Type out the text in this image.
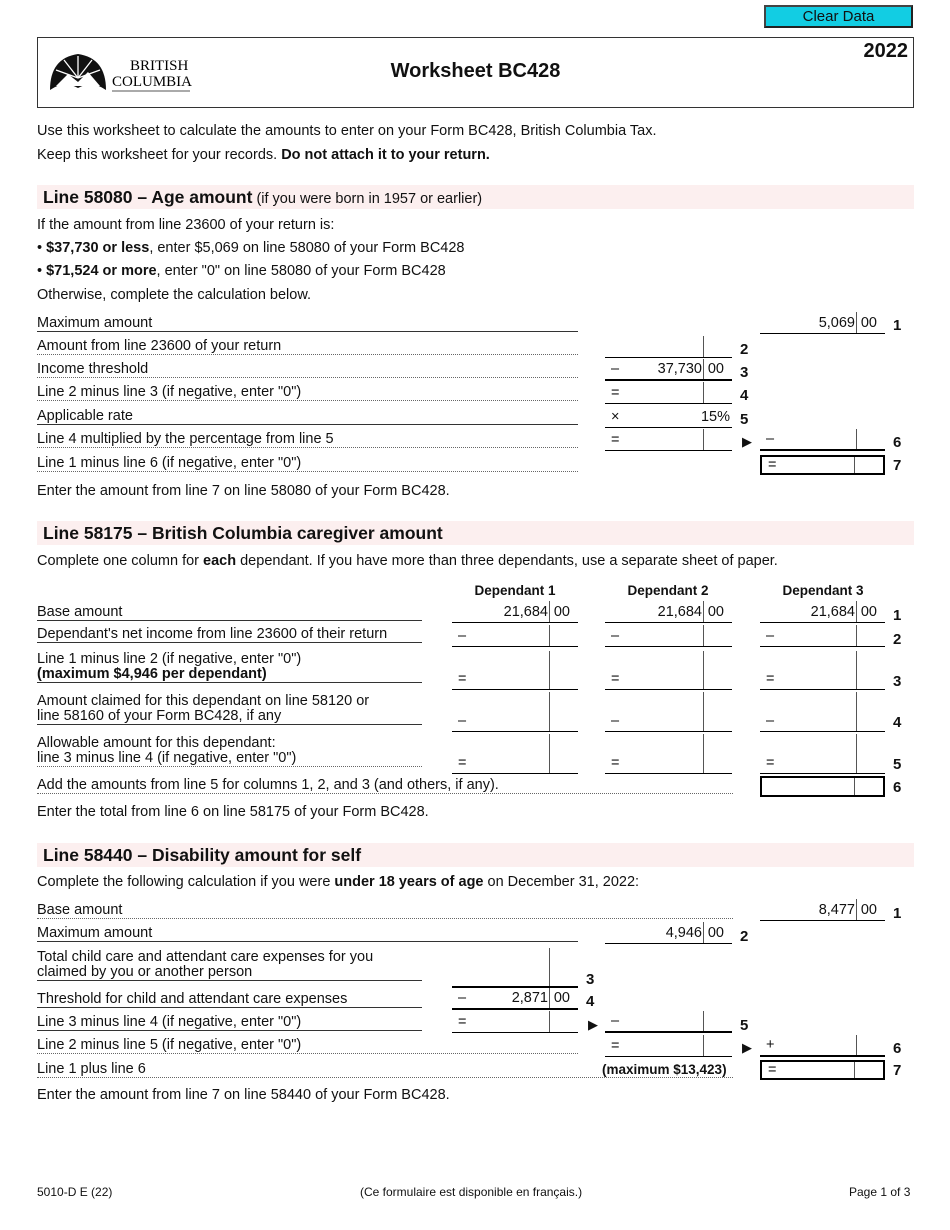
Clear Data
BRITISH
COLUMBIA	Worksheet BC428
2022
Use this worksheet to calculate the amounts to enter on your Form BC428, British Columbia Tax.
Keep this worksheet for your records. Do not attach it to your return.
Line 58080 – Age amount (if you were born in 1957 or earlier)
If the amount from line 23600 of your return is:
• $37,730 or less, enter $5,069 on line 58080 of your Form BC428
• $71,524 or more, enter "0" on line 58080 of your Form BC428
Otherwise, complete the calculation below.
Maximum amount	5,069 00 1
Amount from line 23600 of your return	2
Income threshold	–	37,730 00 3
Line 2 minus line 3 (if negative, enter "0")	=	4
Applicable rate	×	15% 5
Line 4 multiplied by the percentage from line 5	=	▶ –	6
Line 1 minus line 6 (if negative, enter "0")	=	7
Enter the amount from line 7 on line 58080 of your Form BC428.
Line 58175 – British Columbia caregiver amount
Complete one column for each dependant. If you have more than three dependants, use a separate sheet of paper.
Dependant 1	Dependant 2	Dependant 3
Base amount	21,684 00	21,684 00	21,684 00 1
Dependant's net income from line 23600 of their return	–	–	–	2
Line 1 minus line 2 (if negative, enter "0")
(maximum $4,946 per dependant)	=	=	=	3
Amount claimed for this dependant on line 58120 or
line 58160 of your Form BC428, if any	–	–	–	4
Allowable amount for this dependant:
line 3 minus line 4 (if negative, enter "0")	=	=	=	5
Add the amounts from line 5 for columns 1, 2, and 3 (and others, if any).	6
Enter the total from line 6 on line 58175 of your Form BC428.
Line 58440 – Disability amount for self
Complete the following calculation if you were under 18 years of age on December 31, 2022:
Base amount	8,477 00 1
Maximum amount	4,946 00 2
Total child care and attendant care expenses for you
claimed by you or another person	3
Threshold for child and attendant care expenses	–	2,871 00 4
Line 3 minus line 4 (if negative, enter "0")	=	▶ –	5
Line 2 minus line 5 (if negative, enter "0")	=	▶ +	6
Line 1 plus line 6	(maximum $13,423)	=	7
Enter the amount from line 7 on line 58440 of your Form BC428.
5010-D E (22)	(Ce formulaire est disponible en français.)	Page 1 of 3
